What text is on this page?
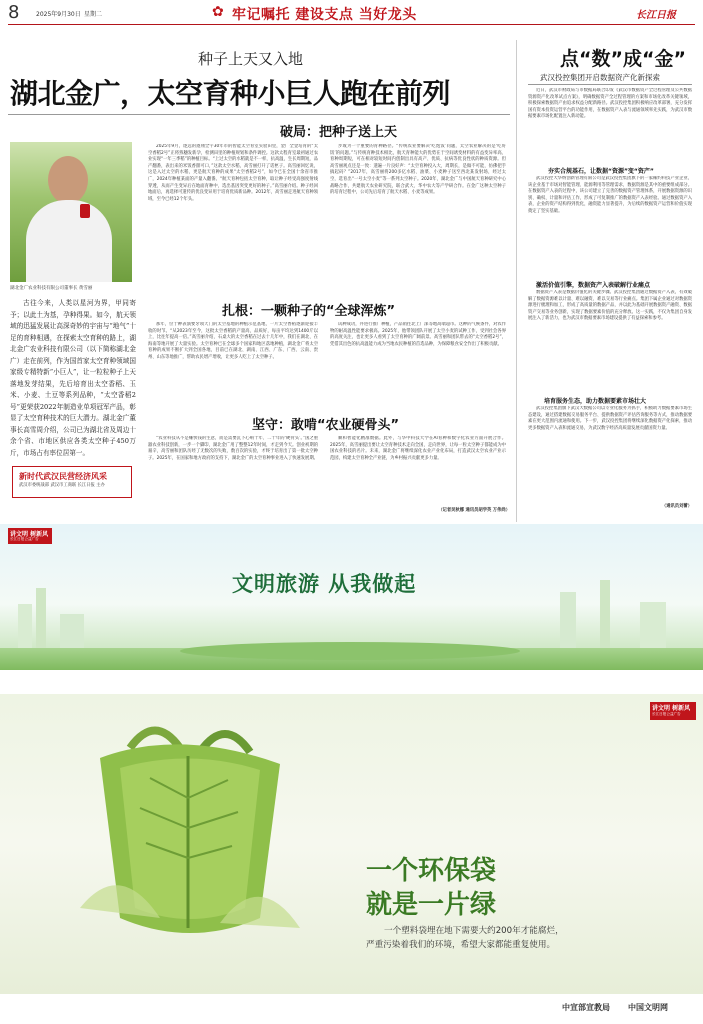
8	2025年9月30日 星期二	✿ 牢记嘱托 建设支点 当好龙头	长江日报
种子上天又入地
湖北金广，太空育种小巨人跑在前列
破局：把种子送上天
湖北金广农业科技有限公司董事长 黄雪丽
古往今来，人类以星河为界，甲同寄予；以此土为基，孕种得果。如今，航天领域的迅猛发展让高深奇妙的宇宙与“地气”十足的育种相遇，在探索太空育种的路上，湖北金广农业科技有限公司（以下简称湖北金广）走在前列，作为国首家太空育种领域国家级专精特新“小巨人”，让一粒粒种子上天落地发芽结果，先后培育出太空香稻、玉米、小麦、土豆等系列品种，“太空香稻2号”更荣获2022年制造业单项冠军产品，彰显了太空育种技术的巨大潜力。湖北金广董事长高雪周介绍，公司已为湖北省及周边十余个省、市地区供应各类太空种子450万斤，市场占有率位居第一。
新时代武汉民营经济风采
武汉市委统战部 武汉市工商联 长江日报 主办

2025年9月，逐远的遨翔全宇30年市的智能太空育室实验田里，金广全金培育的“太空香稻2号”正将熟穗发新孕，检测田里的种植规划和条件调控。这款太程育室最初通过农业实现“一年三季稻”的种植目标。“上过太空的水稻就是不一样，抗高温，生长周期短，品产翻番，表出来的米饭香甜可口，”这款太空水稻，高雪丽打开了话匣子。高雪丽回忆说，这是入过太空的水稻，更是航天育种的成果“太空香稻2号”，如今已在全国十余省市推广，2024年种植某面的产量入翻番。“航天育种包括太空育种，取让种子经受高强度射线穿透，从而产生变异后在地面育种中，选出基因突变更好的种子。”高雪丽介绍。种子经回地面后，再选择可遗传的优良变异用于培育优质新品种。2012年，高雪丽走进航天育种领域，至今已经12个年头。

步或为一个重要的育种路径。“传统农业要解决‘吃饱饭’问题，太空农业解决的是‘吃好饭’的问题。”与传统育种技术相比，航天育种能大的优势在于空间诱变材料的有益变异率高、育种周期短，可在相对较短时间内创制出具有高产、优质、抗病等优良性状的种质资源。但高雪丽观点还是一致：遗遍一片良好声：“太空育种投入大，周期长，是做不可能，仿佛把手搞起码？”2017年，高雪丽将200多亿水稻、油菜、小麦种子送至西北某发射场，经过太空，选育出“一号太空小麦”等一系列太空种子。2020年，湖北金广与中国航天育种研究中心战略合作，共建航天农业研究院，联合武大、华中农大等产学研合作。在金广这种太空种子的培育过程中，公司先后培育了航天水稻、小麦等成果。

扎根：一颗种子的“全球浑炼”

那年，位于种表演要牙项天门的太空基地的种植示范基地，一片太空香稻逐渐迎接丰收的时节。“从2023年至今，这批太空香稻的产量高，品质好，每亩平均达到1400斤以上，比往年提高一倍。”高雪丽介绍，石桌大的太空香稻在过去十几年中，我们在湖北、在海南等地开展了大量实验。太空育种已在全球多个国家和地区落地种植，湖北金广将太空育种的成果不断扩大到全国各地，目前已在湖北、湖南、江西、广东、广西、云南、贵州、山东等地推广，帮助农民增产增收，让更多人吃上了太空种子。

试种成功，并进行推广种植，产品销往北上广深等地高端超市。这种的气候条件，对农作物的耐高温性能要求极高。2025年，他带领团队开展了太空小麦的试种工作，受到社会各界的高度关注，也让更多人看到了太空育种的广阔前景。高雪丽和团队带去的“太空香稻2号”，凭借其出色的抗高温能力成为当地农民种植的首选品种，为保障粮食安全作出了积极贡献。

坚守：敢啃“农业硬骨头”

“农业科技从不是赚快钱的生意，而是需要沉下心啃十年、二十年的‘硬骨头’。”国之重器农业科技创新，一步一个脚印，湖北金广用了整整12年时间，才走到今天。创业初期的艰辛，高雪丽和团队历经了无数次的失败，数百次的实验，才终于培育出了第一批太空种子。2025年，在国家和地方政府的支持下，湖北金广的太空育种事业进入了快速发展期。

顺和智能化精准数据。此外，与华中科技大学在AI育种和数字化农业方面开展合作。2025年，高雪丽提出要让太空育种技术走向全国，走向世界，让每一粒太空种子都能成为中国农业科技的名片。未来，湖北金广将继续深化农业产业化布局，打造武汉太空农业产业示范园，构建太空育种全产业链，为乡村振兴贡献更多力量。

（记者吴秋娜 通讯员胡学英 万伟尚）
点“数”成“金”
武汉投控集团开启数据资产化新探索
近日，武汉市财政局与市数据局联合印发《武汉市数据资产全过程管理及公共数据资源资产化改革试点方案》，明确数据资产全过程管理的方案和市场化改革关键领域，积极探索数据资产由追求权益分配新路径。武汉投控集团积极响应改革部署，充分发挥国有资本投资运营平台的功能作用，在数据资产入表与流通领域率先实践，为武汉市数据要素市场化配置注入新动能。
夯实合规基石，让数据“资源”变“资产”
武汉投控大华纳创新管理有限公司是武汉投控集团旗下的一家稀约科技产业企业，该企业基于市场对智能管理、能源利用等管理需求，数据资源是其中的重要组成部分。在数据资产入表的过程中，该公司建立了完善的数据资产管理体系，开展数据资源的识别、确权、计量和评估工作，形成了可复制推广的数据资产入表经验。通过数据资产入表，企业的资产结构得到优化，融资能力显著提升，为后续的数据资产运营和价值实现奠定了坚实基础。
激活价值引擎，数据资产入表破解行业痛点
数据资产入表是数据价值化的关键步骤。武汉投控集团通过数据资产入表，有效破解了数据资源难以计量、难以融资、难以交易等行业痛点。集团下属企业通过对数据资源进行梳理和加工，形成了高质量的数据产品，并以此为基础开展数据资产融资、数据资产交易等业务创新，实现了数据要素价值的充分释放。这一实践，不仅为集团自身发展注入了新活力，也为武汉市数据要素市场建设提供了有益探索和参考。
培育服务生态，助力数据要素市场壮大
武汉投控集团旗下武汉大数据公司以专业化服务为抓手，积极助力数据要素市场生态建设，通过搭建数据交易服务平台、提供数据资产评估咨询服务等方式，推动数据要素在更大范围内流通和使用。下一步，武汉投控集团将继续深化数据资产化探索，推动更多数据资产入表和流通交易，为武汉数字经济高质量发展贡献国资力量。
（通讯员刘蕾）
讲文明 树新风
长江日报公益广告
文明旅游 从我做起
讲文明 树新风
长江日报公益广告
一个环保袋
就是一片绿
一个塑料袋埋在地下需要大约200年才能腐烂，
严重污染着我们的环境，希望大家都能重复使用。
中宣部宣教局 中国文明网
